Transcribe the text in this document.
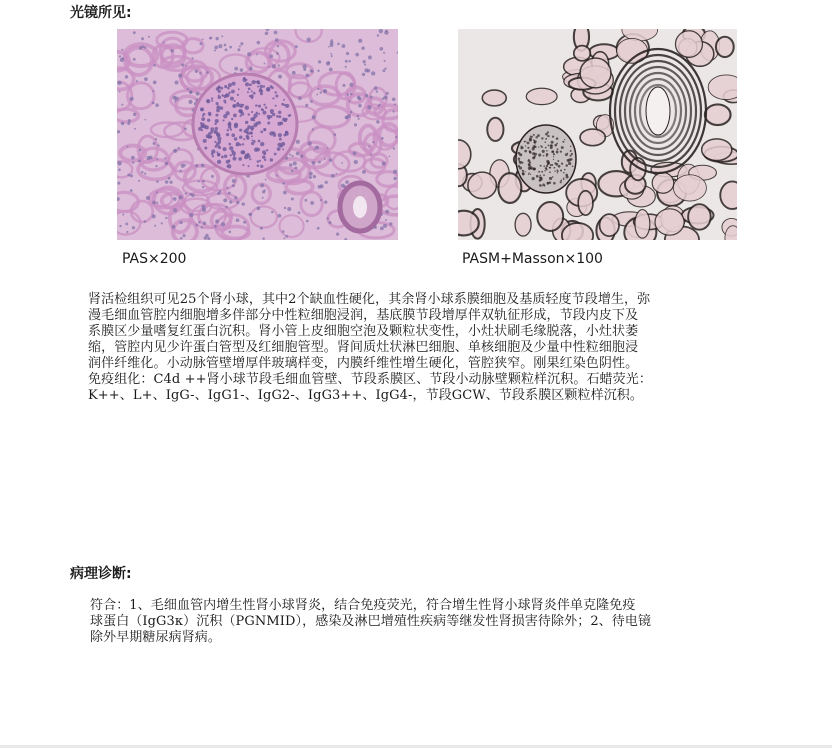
光镜所见:
PAS×200	PASM+Masson×100
肾活检组织可见25个肾小球，其中2个缺血性硬化，其余肾小球系膜细胞及基质轻度节段增生，弥
漫毛细血管腔内细胞增多伴部分中性粒细胞浸润，基底膜节段增厚伴双轨征形成，节段内皮下及
系膜区少量嗜复红蛋白沉积。肾小管上皮细胞空泡及颗粒状变性，小灶状刷毛缘脱落，小灶状萎
缩，管腔内见少许蛋白管型及红细胞管型。肾间质灶状淋巴细胞、单核细胞及少量中性粒细胞浸
润伴纤维化。小动脉管壁增厚伴玻璃样变，内膜纤维性增生硬化，管腔狭窄。刚果红染色阴性。
免疫组化：C4d ++肾小球节段毛细血管壁、节段系膜区、节段小动脉壁颗粒样沉积。石蜡荧光：
K++、L+、IgG-、IgG1-、IgG2-、IgG3++、IgG4-，节段GCW、节段系膜区颗粒样沉积。
病理诊断:
符合：1、毛细血管内增生性肾小球肾炎，结合免疫荧光，符合增生性肾小球肾炎伴单克隆免疫
球蛋白（IgG3κ）沉积（PGNMID），感染及淋巴增殖性疾病等继发性肾损害待除外；2、待电镜
除外早期糖尿病肾病。
